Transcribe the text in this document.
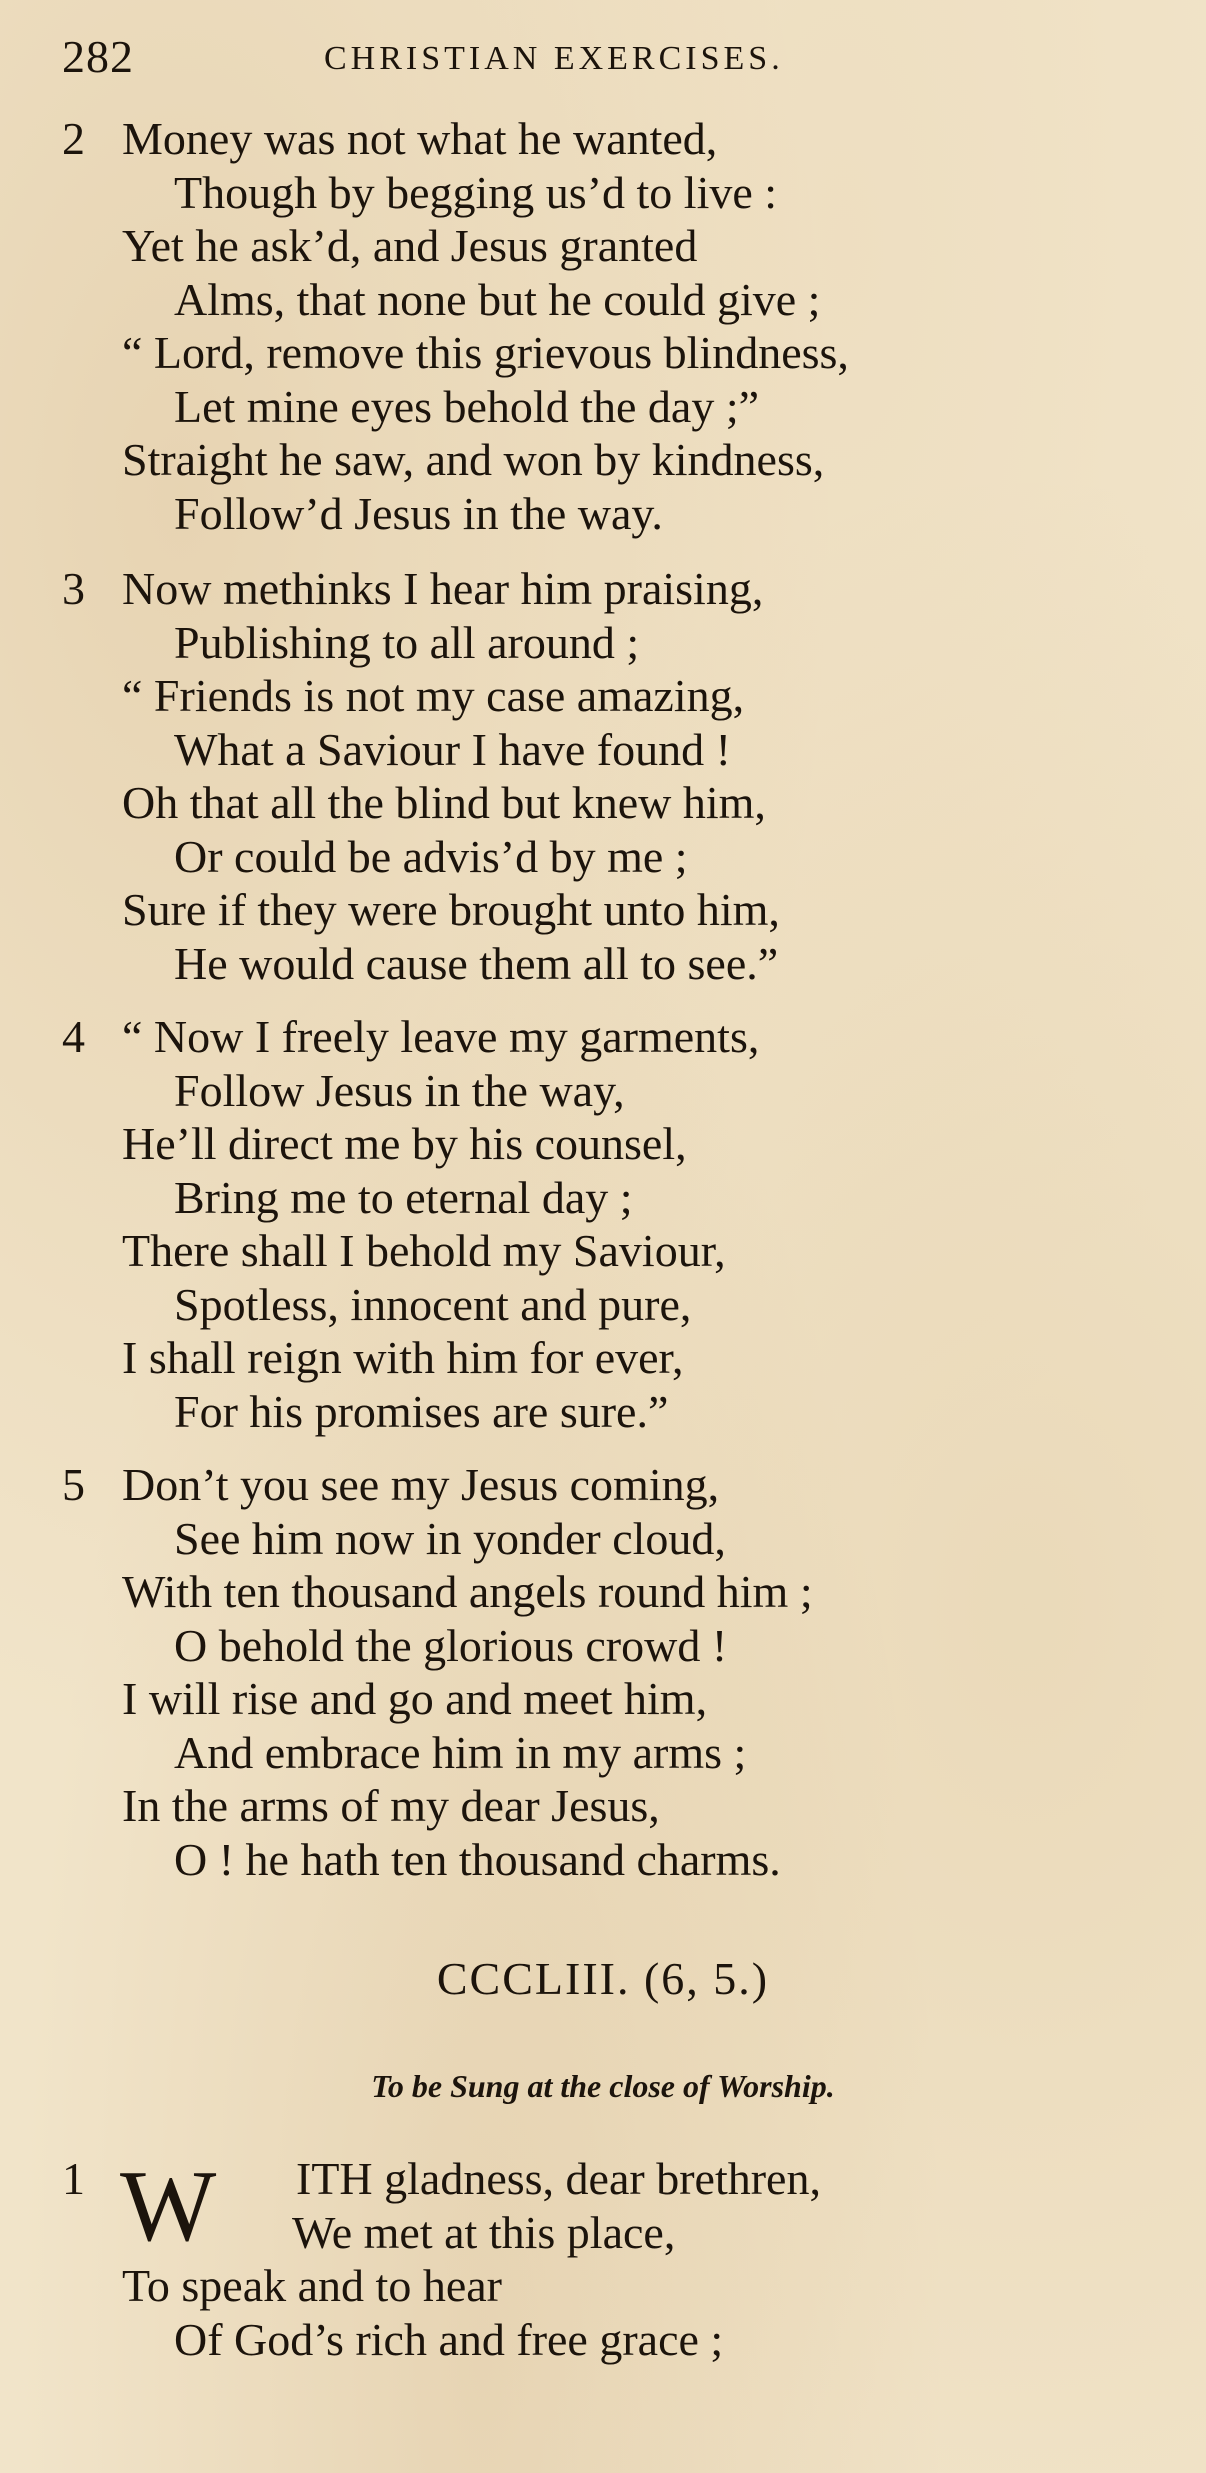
282	CHRISTIAN EXERCISES.
2 Money was not what he wanted,
Though by begging us’d to live :
Yet he ask’d, and Jesus granted
Alms, that none but he could give ;
“ Lord, remove this grievous blindness,
Let mine eyes behold the day ;”
Straight he saw, and won by kindness,
Follow’d Jesus in the way.
3 Now methinks I hear him praising,
Publishing to all around ;
“ Friends is not my case amazing,
What a Saviour I have found !
Oh that all the blind but knew him,
Or could be advis’d by me ;
Sure if they were brought unto him,
He would cause them all to see.”
4 “ Now I freely leave my garments,
Follow Jesus in the way,
He’ll direct me by his counsel,
Bring me to eternal day ;
There shall I behold my Saviour,
Spotless, innocent and pure,
I shall reign with him for ever,
For his promises are sure.”
5 Don’t you see my Jesus coming,
See him now in yonder cloud,
With ten thousand angels round him ;
O behold the glorious crowd !
I will rise and go and meet him,
And embrace him in my arms ;
In the arms of my dear Jesus,
O ! he hath ten thousand charms.
CCCLIII. (6, 5.)
To be Sung at the close of Worship.
1 W	ITH gladness, dear brethren,
We met at this place,
To speak and to hear
Of God’s rich and free grace ;
